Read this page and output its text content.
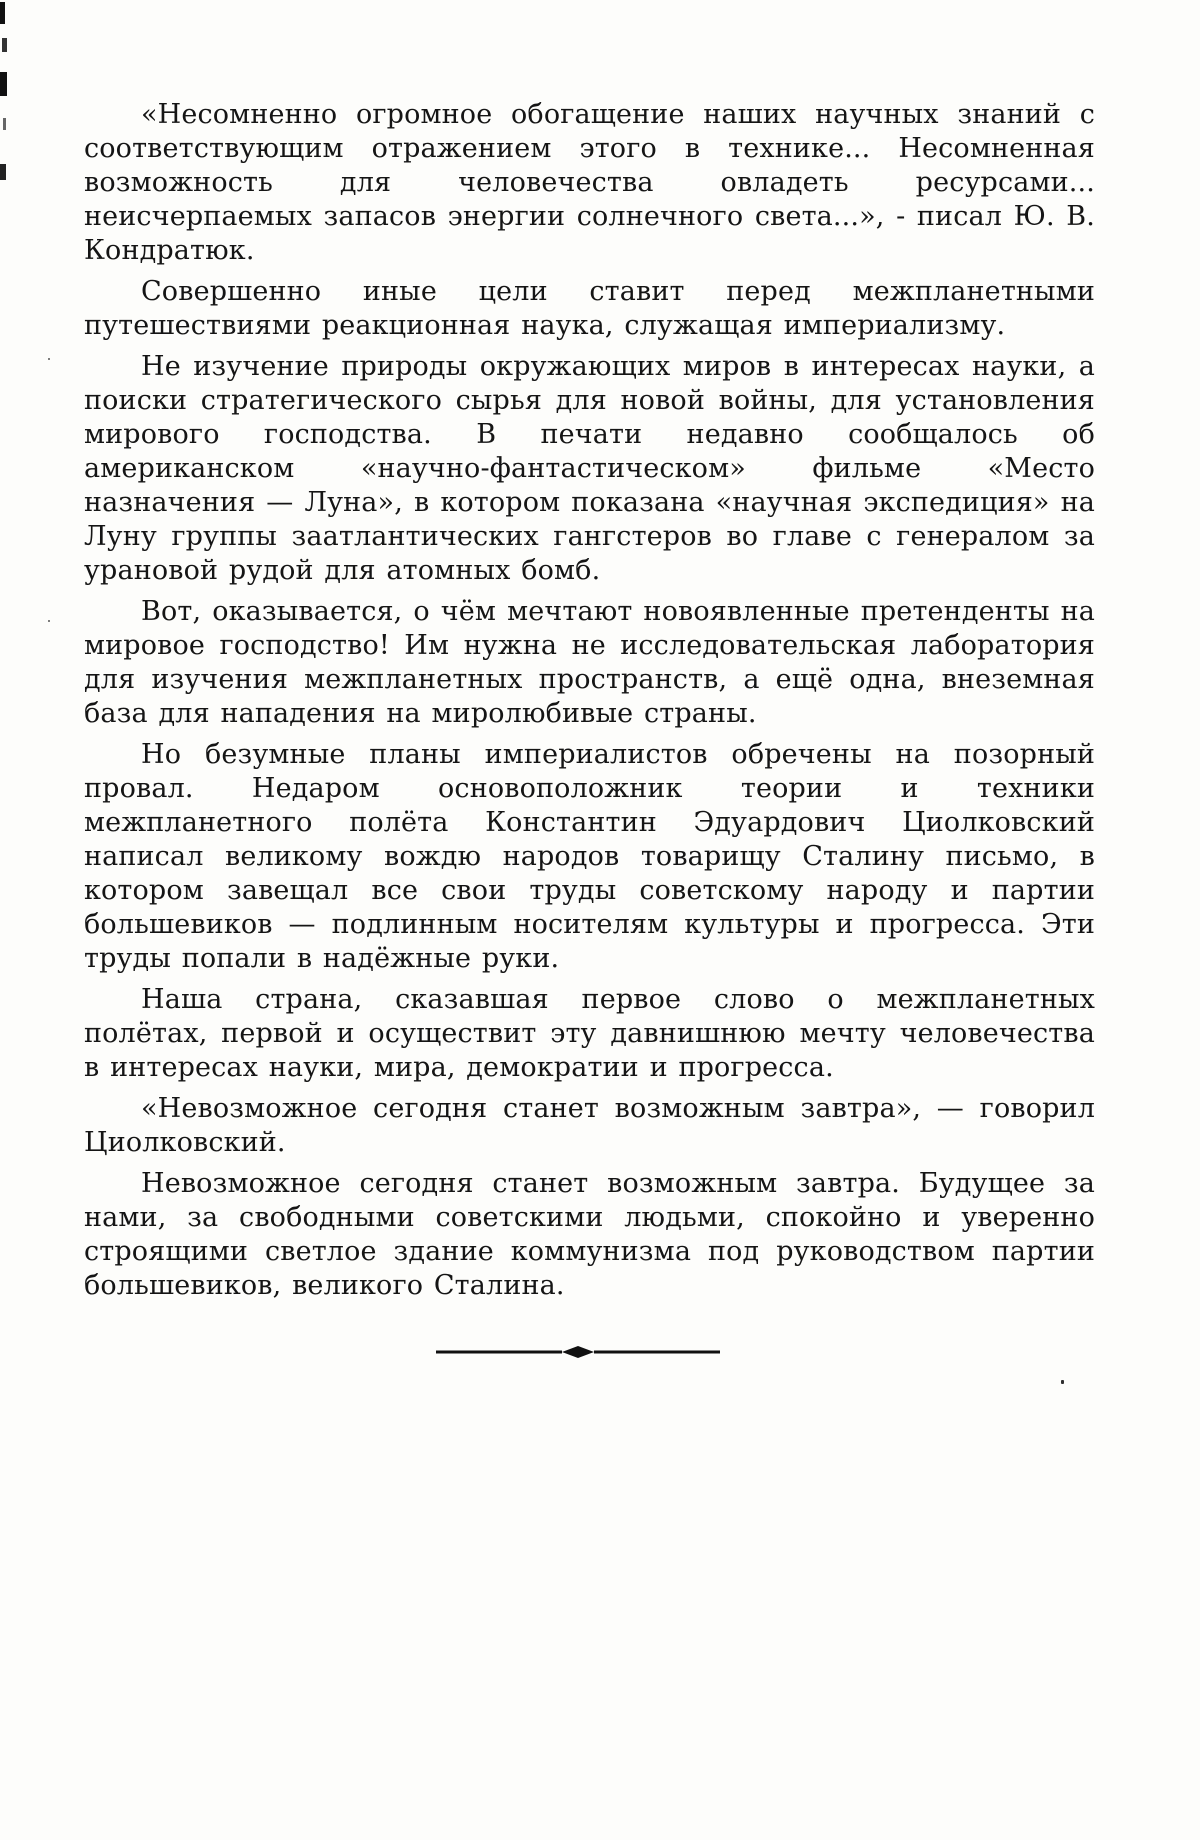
«Несомненно огромное обогащение наших научных знаний с соответствующим отражением этого в технике... Несомненная возможность для человечества овладеть ресурсами... неисчерпаемых запасов энергии солнечного света...», - писал Ю. В. Кондратюк.

Совершенно иные цели ставит перед межпланетными путешествиями реакционная наука, служащая империализму.

Не изучение природы окружающих миров в интересах науки, а поиски стратегического сырья для новой войны, для установления мирового господства. В печати недавно сообщалось об американском «научно-фантастическом» фильме «Место назначения — Луна», в котором показана «научная экспедиция» на Луну группы заатлантических гангстеров во главе с генералом за урановой рудой для атомных бомб.

Вот, оказывается, о чём мечтают новоявленные претенденты на мировое господство! Им нужна не исследовательская лаборатория для изучения межпланетных пространств, а ещё одна, внеземная база для нападения на миролюбивые страны.

Но безумные планы империалистов обречены на позорный провал. Недаром основоположник теории и техники межпланетного полёта Константин Эдуардович Циолковский написал великому вождю народов товарищу Сталину письмо, в котором завещал все свои труды советскому народу и партии большевиков — подлинным носителям культуры и прогресса. Эти труды попали в надёжные руки.

Наша страна, сказавшая первое слово о межпланетных полётах, первой и осуществит эту давнишнюю мечту человечества в интересах науки, мира, демократии и прогресса.

«Невозможное сегодня станет возможным завтра», — говорил Циолковский.

Невозможное сегодня станет возможным завтра. Будущее за нами, за свободными советскими людьми, спокойно и уверенно строящими светлое здание коммунизма под руководством партии большевиков, великого Сталина.
